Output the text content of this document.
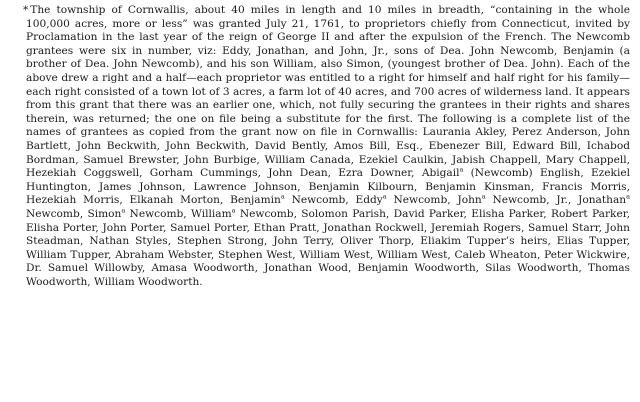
* The township of Cornwallis, about 40 miles in length and 10 miles in breadth, “containing in the whole 100,000 acres, more or less” was granted July 21, 1761, to proprietors chiefly from Connecticut, invited by Proclamation in the last year of the reign of George II and after the expulsion of the French. The Newcomb grantees were six in number, viz: Eddy, Jonathan, and John, Jr., sons of Dea. John Newcomb, Benjamin (a brother of Dea. John Newcomb), and his son William, also Simon, (youngest brother of Dea. John). Each of the above drew a right and a half—each proprietor was entitled to a right for himself and half right for his family—each right consisted of a town lot of 3 acres, a farm lot of 40 acres, and 700 acres of wilderness land. It appears from this grant that there was an earlier one, which, not fully securing the grantees in their rights and shares therein, was returned; the one on file being a substitute for the first. The following is a complete list of the names of grantees as copied from the grant now on file in Cornwallis: Laurania Akley, Perez Anderson, John Bartlett, John Beckwith, John Beckwith, David Bently, Amos Bill, Esq., Ebenezer Bill, Edward Bill, Ichabod Bordman, Samuel Brewster, John Burbige, William Canada, Ezekiel Caulkin, Jabish Chappell, Mary Chappell, Hezekiah Coggswell, Gorham Cummings, John Dean, Ezra Downer, Abigail$^a$ (Newcomb) English, Ezekiel Huntington, James Johnson, Lawrence Johnson, Benjamin Kilbourn, Benjamin Kinsman, Francis Morris, Hezekiah Morris, Elkanah Morton, Benjamin$^a$ Newcomb, Eddy$^a$ Newcomb, John$^a$ Newcomb, Jr., Jonathan$^a$ Newcomb, Simon$^a$ Newcomb, William$^a$ Newcomb, Solomon Parish, David Parker, Elisha Parker, Robert Parker, Elisha Porter, John Porter, Samuel Porter, Ethan Pratt, Jonathan Rockwell, Jeremiah Rogers, Samuel Starr, John Steadman, Nathan Styles, Stephen Strong, John Terry, Oliver Thorp, Eliakim Tupper’s heirs, Elias Tupper, William Tupper, Abraham Webster, Stephen West, William West, William West, Caleb Wheaton, Peter Wickwire, Dr. Samuel Willowby, Amasa Woodworth, Jonathan Wood, Benjamin Woodworth, Silas Woodworth, Thomas Woodworth, William Woodworth.
